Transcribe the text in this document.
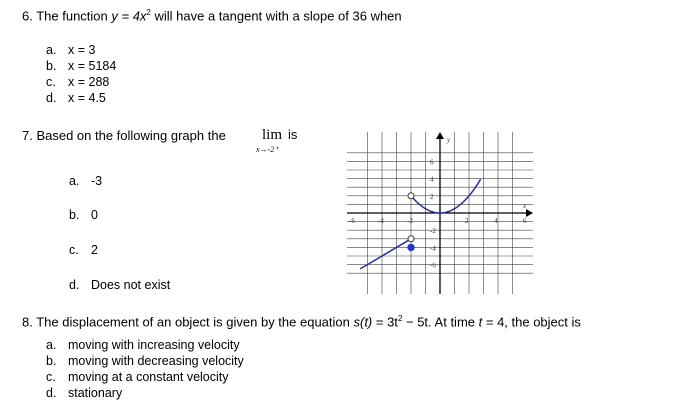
6. The function $y = 4x^2$ will have a tangent with a slope of 36 when
a. x = 3
b. x = 5184
c. x = 288
d. x = 4.5
7. Based on the following graph the lim
x→-2⁺
is
a. -3
b. 0
c. 2
d. Does not exist
x
y
-6	-4	-2	2	4	6
6
4
2
-2
-4
-6
8. The displacement of an object is given by the equation $s(t) = 3t^2 - 5t$. At time t = 4, the object is
a. moving with increasing velocity
b. moving with decreasing velocity
c. moving at a constant velocity
d. stationary
